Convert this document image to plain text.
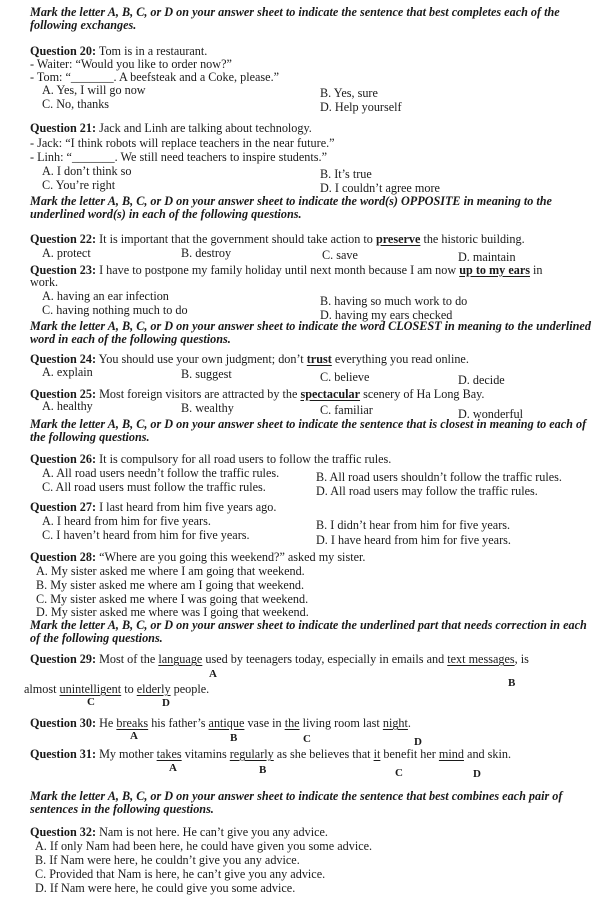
Mark the letter A, B, C, or D on your answer sheet to indicate the sentence that best completes each of the following exchanges.
Question 20: Tom is in a restaurant.
- Waiter: “Would you like to order now?”
- Tom: “_______. A beefsteak and a Coke, please.”
A. Yes, I will go now	B. Yes, sure
C. No, thanks	D. Help yourself
Question 21: Jack and Linh are talking about technology.
- Jack: “I think robots will replace teachers in the near future.”
- Linh: “_______. We still need teachers to inspire students.”
A. I don’t think so	B. It’s true
C. You’re right	D. I couldn’t agree more
Mark the letter A, B, C, or D on your answer sheet to indicate the word(s) OPPOSITE in meaning to the underlined word(s) in each of the following questions.
Question 22: It is important that the government should take action to preserve the historic building.
A. protect	B. destroy	C. save	D. maintain
Question 23: I have to postpone my family holiday until next month because I am now up to my ears in
work.
A. having an ear infection	B. having so much work to do
C. having nothing much to do	D. having my ears checked
Mark the letter A, B, C, or D on your answer sheet to indicate the word CLOSEST in meaning to the underlined word in each of the following questions.
Question 24: You should use your own judgment; don’t trust everything you read online.
A. explain	B. suggest	C. believe	D. decide
Question 25: Most foreign visitors are attracted by the spectacular scenery of Ha Long Bay.
A. healthy	B. wealthy	C. familiar	D. wonderful
Mark the letter A, B, C, or D on your answer sheet to indicate the sentence that is closest in meaning to each of the following questions.
Question 26: It is compulsory for all road users to follow the traffic rules.
A. All road users needn’t follow the traffic rules.	B. All road users shouldn’t follow the traffic rules.
C. All road users must follow the traffic rules.	D. All road users may follow the traffic rules.
Question 27: I last heard from him five years ago.
A. I heard from him for five years.	B. I didn’t hear from him for five years.
C. I haven’t heard from him for five years.	D. I have heard from him for five years.
Question 28: “Where are you going this weekend?” asked my sister.
A. My sister asked me where I am going that weekend.
B. My sister asked me where am I going that weekend.
C. My sister asked me where I was going that weekend.
D. My sister asked me where was I going that weekend.
Mark the letter A, B, C, or D on your answer sheet to indicate the underlined part that needs correction in each of the following questions.
Question 29: Most of the language used by teenagers today, especially in emails and text messages, is
A
B
almost unintelligent to elderly people.
C	D
Question 30: He breaks his father’s antique vase in the living room last night.
A	B	C	D
Question 31: My mother takes vitamins regularly as she believes that it benefit her mind and skin.
A	B	C	D
Mark the letter A, B, C, or D on your answer sheet to indicate the sentence that best combines each pair of sentences in the following questions.
Question 32: Nam is not here. He can’t give you any advice.
A. If only Nam had been here, he could have given you some advice.
B. If Nam were here, he couldn’t give you any advice.
C. Provided that Nam is here, he can’t give you any advice.
D. If Nam were here, he could give you some advice.
